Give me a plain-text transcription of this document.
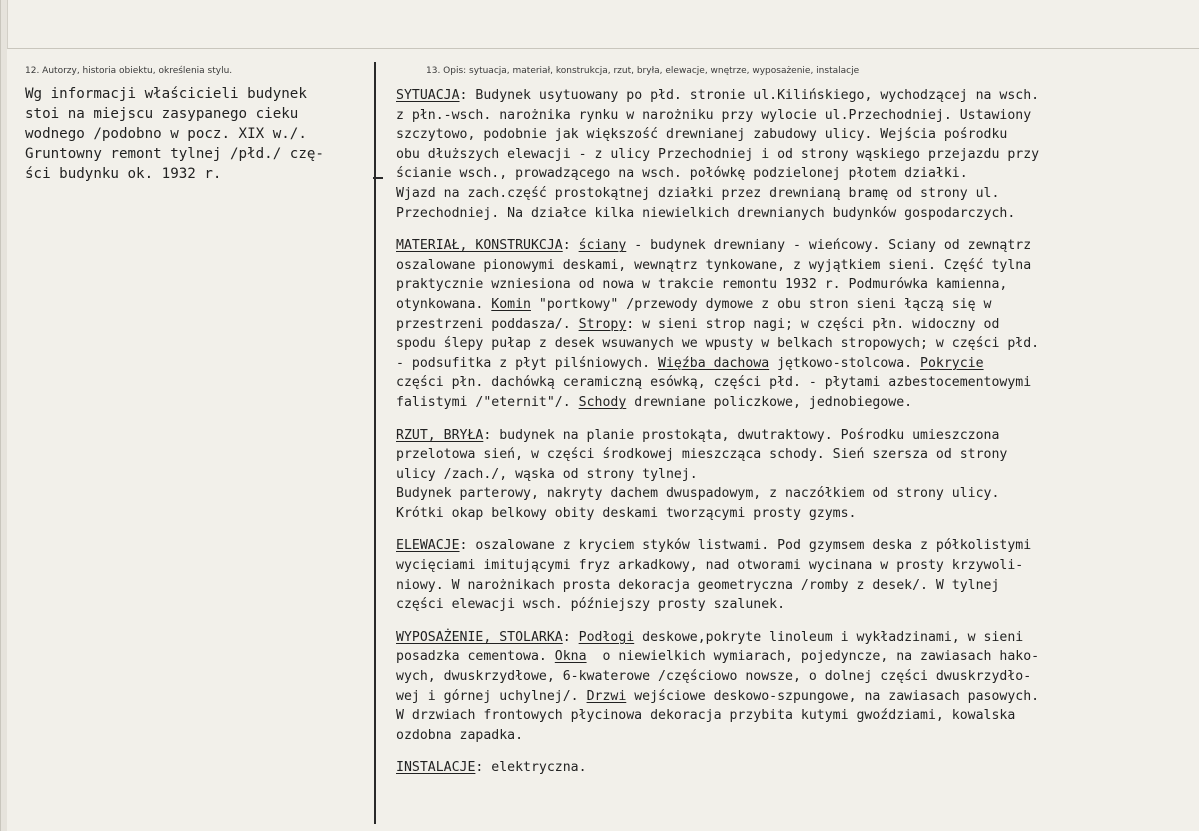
12. Autorzy, historia obiektu, określenia stylu.	13. Opis: sytuacja, materiał, konstrukcja, rzut, bryła, elewacje, wnętrze, wyposażenie, instalacje
Wg informacji właścicieli budynek
stoi na miejscu zasypanego cieku
wodnego /podobno w pocz. XIX w./.
Gruntowny remont tylnej /płd./ czę-
ści budynku ok. 1932 r.
SYTUACJA: Budynek usytuowany po płd. stronie ul.Kilińskiego, wychodzącej na wsch.
z płn.-wsch. narożnika rynku w narożniku przy wylocie ul.Przechodniej. Ustawiony
szczytowo, podobnie jak większość drewnianej zabudowy ulicy. Wejścia pośrodku
obu dłuższych elewacji - z ulicy Przechodniej i od strony wąskiego przejazdu przy
ścianie wsch., prowadzącego na wsch. połówkę podzielonej płotem działki.
Wjazd na zach.część prostokątnej działki przez drewnianą bramę od strony ul.
Przechodniej. Na działce kilka niewielkich drewnianych budynków gospodarczych.
MATERIAŁ, KONSTRUKCJA: ściany - budynek drewniany - wieńcowy. Sciany od zewnątrz
oszalowane pionowymi deskami, wewnątrz tynkowane, z wyjątkiem sieni. Część tylna
praktycznie wzniesiona od nowa w trakcie remontu 1932 r. Podmurówka kamienna,
otynkowana. Komin "portkowy" /przewody dymowe z obu stron sieni łączą się w
przestrzeni poddasza/. Stropy: w sieni strop nagi; w części płn. widoczny od
spodu ślepy pułap z desek wsuwanych we wpusty w belkach stropowych; w części płd.
- podsufitka z płyt pilśniowych. Więźba dachowa jętkowo-stolcowa. Pokrycie
części płn. dachówką ceramiczną esówką, części płd. - płytami azbestocementowymi
falistymi /"eternit"/. Schody drewniane policzkowe, jednobiegowe.
RZUT, BRYŁA: budynek na planie prostokąta, dwutraktowy. Pośrodku umieszczona
przelotowa sień, w części środkowej mieszcząca schody. Sień szersza od strony
ulicy /zach./, wąska od strony tylnej.
Budynek parterowy, nakryty dachem dwuspadowym, z naczółkiem od strony ulicy.
Krótki okap belkowy obity deskami tworzącymi prosty gzyms.
ELEWACJE: oszalowane z kryciem styków listwami. Pod gzymsem deska z półkolistymi
wycięciami imitującymi fryz arkadkowy, nad otworami wycinana w prosty krzywoli-
niowy. W narożnikach prosta dekoracja geometryczna /romby z desek/. W tylnej
części elewacji wsch. późniejszy prosty szalunek.
WYPOSAŻENIE, STOLARKA: Podłogi deskowe,pokryte linoleum i wykładzinami, w sieni
posadzka cementowa. Okna  o niewielkich wymiarach, pojedyncze, na zawiasach hako-
wych, dwuskrzydłowe, 6-kwaterowe /częściowo nowsze, o dolnej części dwuskrzydło-
wej i górnej uchylnej/. Drzwi wejściowe deskowo-szpungowe, na zawiasach pasowych.
W drzwiach frontowych płycinowa dekoracja przybita kutymi gwoździami, kowalska
ozdobna zapadka.
INSTALACJE: elektryczna.
